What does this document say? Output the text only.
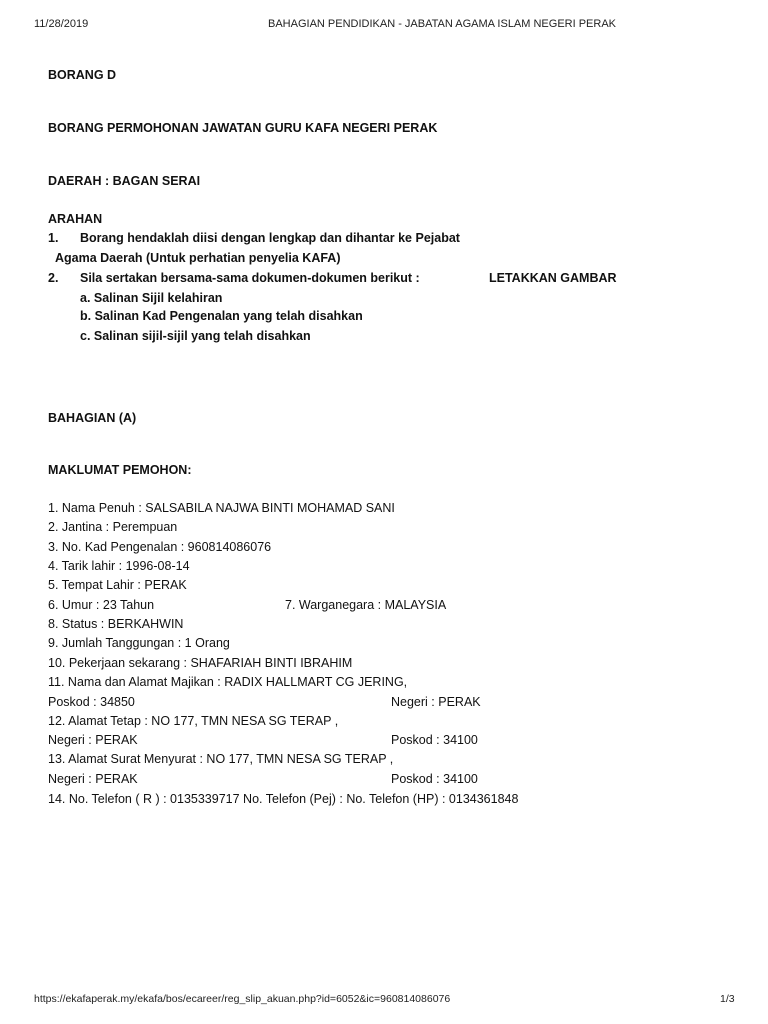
11/28/2019	BAHAGIAN PENDIDIKAN - JABATAN AGAMA ISLAM NEGERI PERAK
BORANG D
BORANG PERMOHONAN JAWATAN GURU KAFA NEGERI PERAK
DAERAH : BAGAN SERAI
ARAHAN
1. Borang hendaklah diisi dengan lengkap dan dihantar ke Pejabat
Agama Daerah (Untuk perhatian penyelia KAFA)
2. Sila sertakan bersama-sama dokumen-dokumen berikut :	LETAKKAN GAMBAR
a. Salinan Sijil kelahiran
b. Salinan Kad Pengenalan yang telah disahkan
c. Salinan sijil-sijil yang telah disahkan
BAHAGIAN (A)
MAKLUMAT PEMOHON:
1. Nama Penuh : SALSABILA NAJWA BINTI MOHAMAD SANI
2. Jantina : Perempuan
3. No. Kad Pengenalan : 960814086076
4. Tarik lahir : 1996-08-14
5. Tempat Lahir : PERAK
6. Umur : 23 Tahun	7. Warganegara : MALAYSIA
8. Status : BERKAHWIN
9. Jumlah Tanggungan : 1 Orang
10. Pekerjaan sekarang : SHAFARIAH BINTI IBRAHIM
11. Nama dan Alamat Majikan : RADIX HALLMART CG JERING,
Poskod : 34850	Negeri : PERAK
12. Alamat Tetap : NO 177, TMN NESA SG TERAP ,
Negeri : PERAK	Poskod : 34100
13. Alamat Surat Menyurat : NO 177, TMN NESA SG TERAP ,
Negeri : PERAK	Poskod : 34100
14. No. Telefon ( R ) : 0135339717 No. Telefon (Pej) : No. Telefon (HP) : 0134361848
https://ekafaperak.my/ekafa/bos/ecareer/reg_slip_akuan.php?id=6052&ic=960814086076	1/3
